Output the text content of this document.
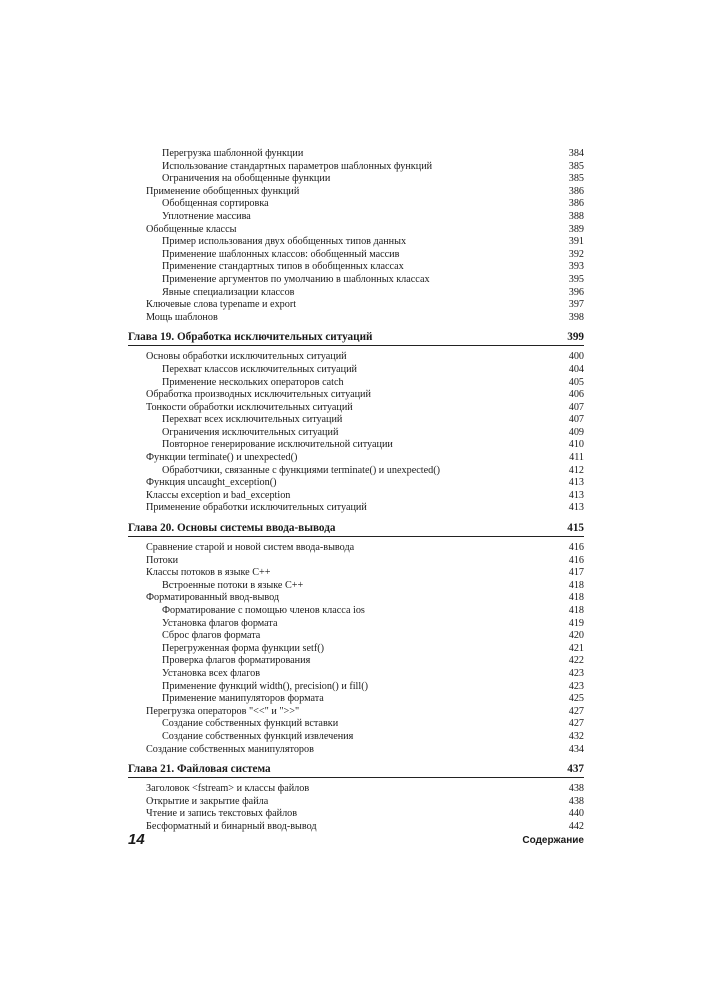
Перегрузка шаблонной функции	384
Использование стандартных параметров шаблонных функций	385
Ограничения на обобщенные функции	385
Применение обобщенных функций	386
Обобщенная сортировка	386
Уплотнение массива	388
Обобщенные классы	389
Пример использования двух обобщенных типов данных	391
Применение шаблонных классов: обобщенный массив	392
Применение стандартных типов в обобщенных классах	393
Применение аргументов по умолчанию в шаблонных классах	395
Явные специализации классов	396
Ключевые слова typename и export	397
Мощь шаблонов	398
Глава 19. Обработка исключительных ситуаций	399
Основы обработки исключительных ситуаций	400
Перехват классов исключительных ситуаций	404
Применение нескольких операторов catch	405
Обработка производных исключительных ситуаций	406
Тонкости обработки исключительных ситуаций	407
Перехват всех исключительных ситуаций	407
Ограничения исключительных ситуаций	409
Повторное генерирование исключительной ситуации	410
Функции terminate() и unexpected()	411
Обработчики, связанные с функциями terminate() и unexpected()	412
Функция uncaught_exception()	413
Классы exception и bad_exception	413
Применение обработки исключительных ситуаций	413
Глава 20. Основы системы ввода-вывода	415
Сравнение старой и новой систем ввода-вывода	416
Потоки	416
Классы потоков в языке C++	417
Встроенные потоки в языке C++	418
Форматированный ввод-вывод	418
Форматирование с помощью членов класса ios	418
Установка флагов формата	419
Сброс флагов формата	420
Перегруженная форма функции setf()	421
Проверка флагов форматирования	422
Установка всех флагов	423
Применение функций width(), precision() и fill()	423
Применение манипуляторов формата	425
Перегрузка операторов "<<" и ">>"	427
Создание собственных функций вставки	427
Создание собственных функций извлечения	432
Создание собственных манипуляторов	434
Глава 21. Файловая система	437
Заголовок <fstream> и классы файлов	438
Открытие и закрытие файла	438
Чтение и запись текстовых файлов	440
Бесформатный и бинарный ввод-вывод	442
14	Содержание
